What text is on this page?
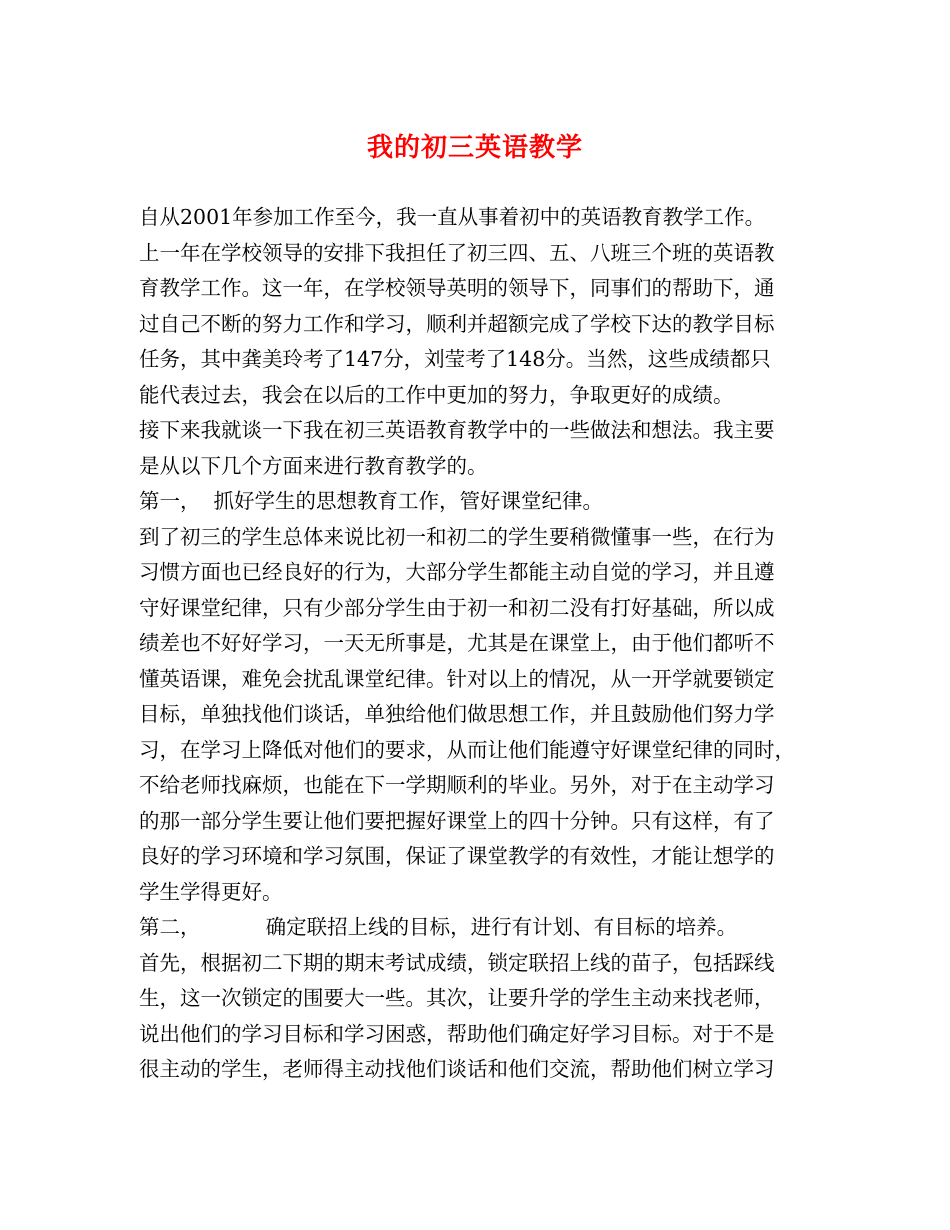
我的初三英语教学
自从2001年参加工作至今，我一直从事着初中的英语教育教学工作。
上一年在学校领导的安排下我担任了初三四、五、八班三个班的英语教
育教学工作。这一年，在学校领导英明的领导下，同事们的帮助下，通
过自己不断的努力工作和学习，顺利并超额完成了学校下达的教学目标
任务，其中龚美玲考了147分，刘莹考了148分。当然，这些成绩都只
能代表过去，我会在以后的工作中更加的努力，争取更好的成绩。
接下来我就谈一下我在初三英语教育教学中的一些做法和想法。我主要
是从以下几个方面来进行教育教学的。
第一，  抓好学生的思想教育工作，管好课堂纪律。
到了初三的学生总体来说比初一和初二的学生要稍微懂事一些，在行为
习惯方面也已经良好的行为，大部分学生都能主动自觉的学习，并且遵
守好课堂纪律，只有少部分学生由于初一和初二没有打好基础，所以成
绩差也不好好学习，一天无所事是，尤其是在课堂上，由于他们都听不
懂英语课，难免会扰乱课堂纪律。针对以上的情况，从一开学就要锁定
目标，单独找他们谈话，单独给他们做思想工作，并且鼓励他们努力学
习，在学习上降低对他们的要求，从而让他们能遵守好课堂纪律的同时，
不给老师找麻烦，也能在下一学期顺利的毕业。另外，对于在主动学习
的那一部分学生要让他们要把握好课堂上的四十分钟。只有这样，有了
良好的学习环境和学习氛围，保证了课堂教学的有效性，才能让想学的
学生学得更好。
第二，          确定联招上线的目标，进行有计划、有目标的培养。
首先，根据初二下期的期末考试成绩，锁定联招上线的苗子，包括踩线
生，这一次锁定的围要大一些。其次，让要升学的学生主动来找老师，
说出他们的学习目标和学习困惑，帮助他们确定好学习目标。对于不是
很主动的学生，老师得主动找他们谈话和他们交流，帮助他们树立学习
